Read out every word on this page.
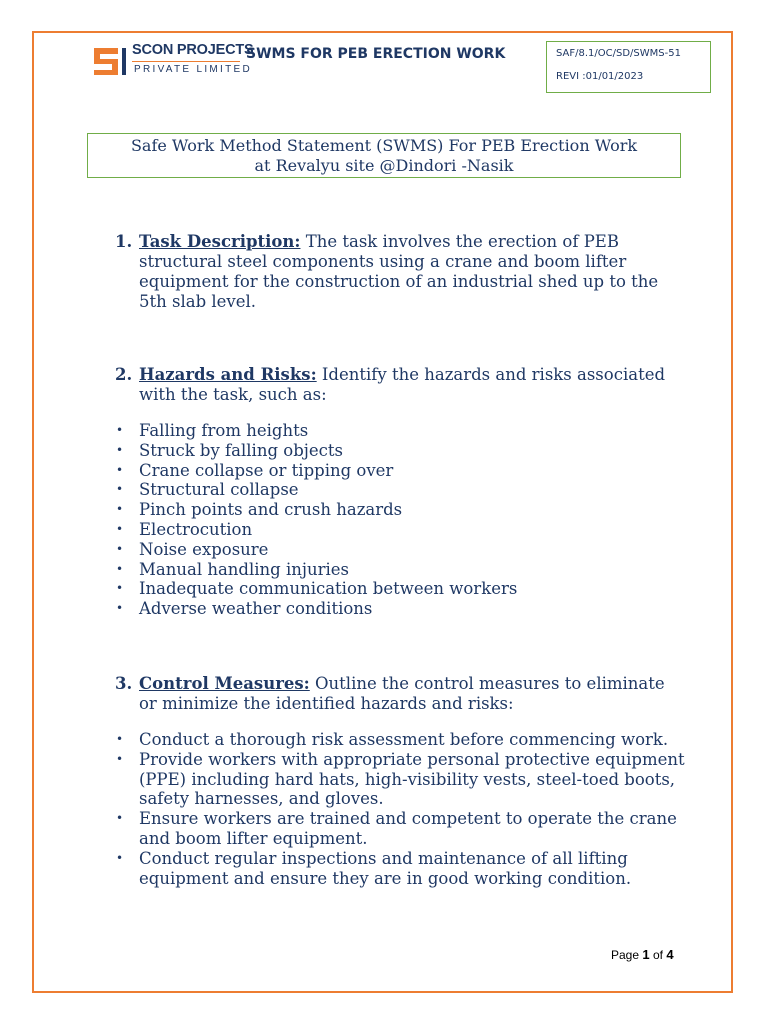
SCON PROJECTS
PRIVATE LIMITED
SWMS FOR PEB ERECTION WORK	SAF/8.1/OC/SD/SWMS-51
REVI :01/01/2023
Safe Work Method Statement (SWMS) For PEB Erection Work
at Revalyu site @Dindori -Nasik
1. Task Description: The task involves the erection of PEB structural steel components using a crane and boom lifter equipment for the construction of an industrial shed up to the 5th slab level.
2. Hazards and Risks: Identify the hazards and risks associated with the task, such as:
• Falling from heights
• Struck by falling objects
• Crane collapse or tipping over
• Structural collapse
• Pinch points and crush hazards
• Electrocution
• Noise exposure
• Manual handling injuries
• Inadequate communication between workers
• Adverse weather conditions
3. Control Measures: Outline the control measures to eliminate or minimize the identified hazards and risks:
• Conduct a thorough risk assessment before commencing work.
• Provide workers with appropriate personal protective equipment (PPE) including hard hats, high-visibility vests, steel-toed boots, safety harnesses, and gloves.
• Ensure workers are trained and competent to operate the crane and boom lifter equipment.
• Conduct regular inspections and maintenance of all lifting equipment and ensure they are in good working condition.
Page 1 of 4
